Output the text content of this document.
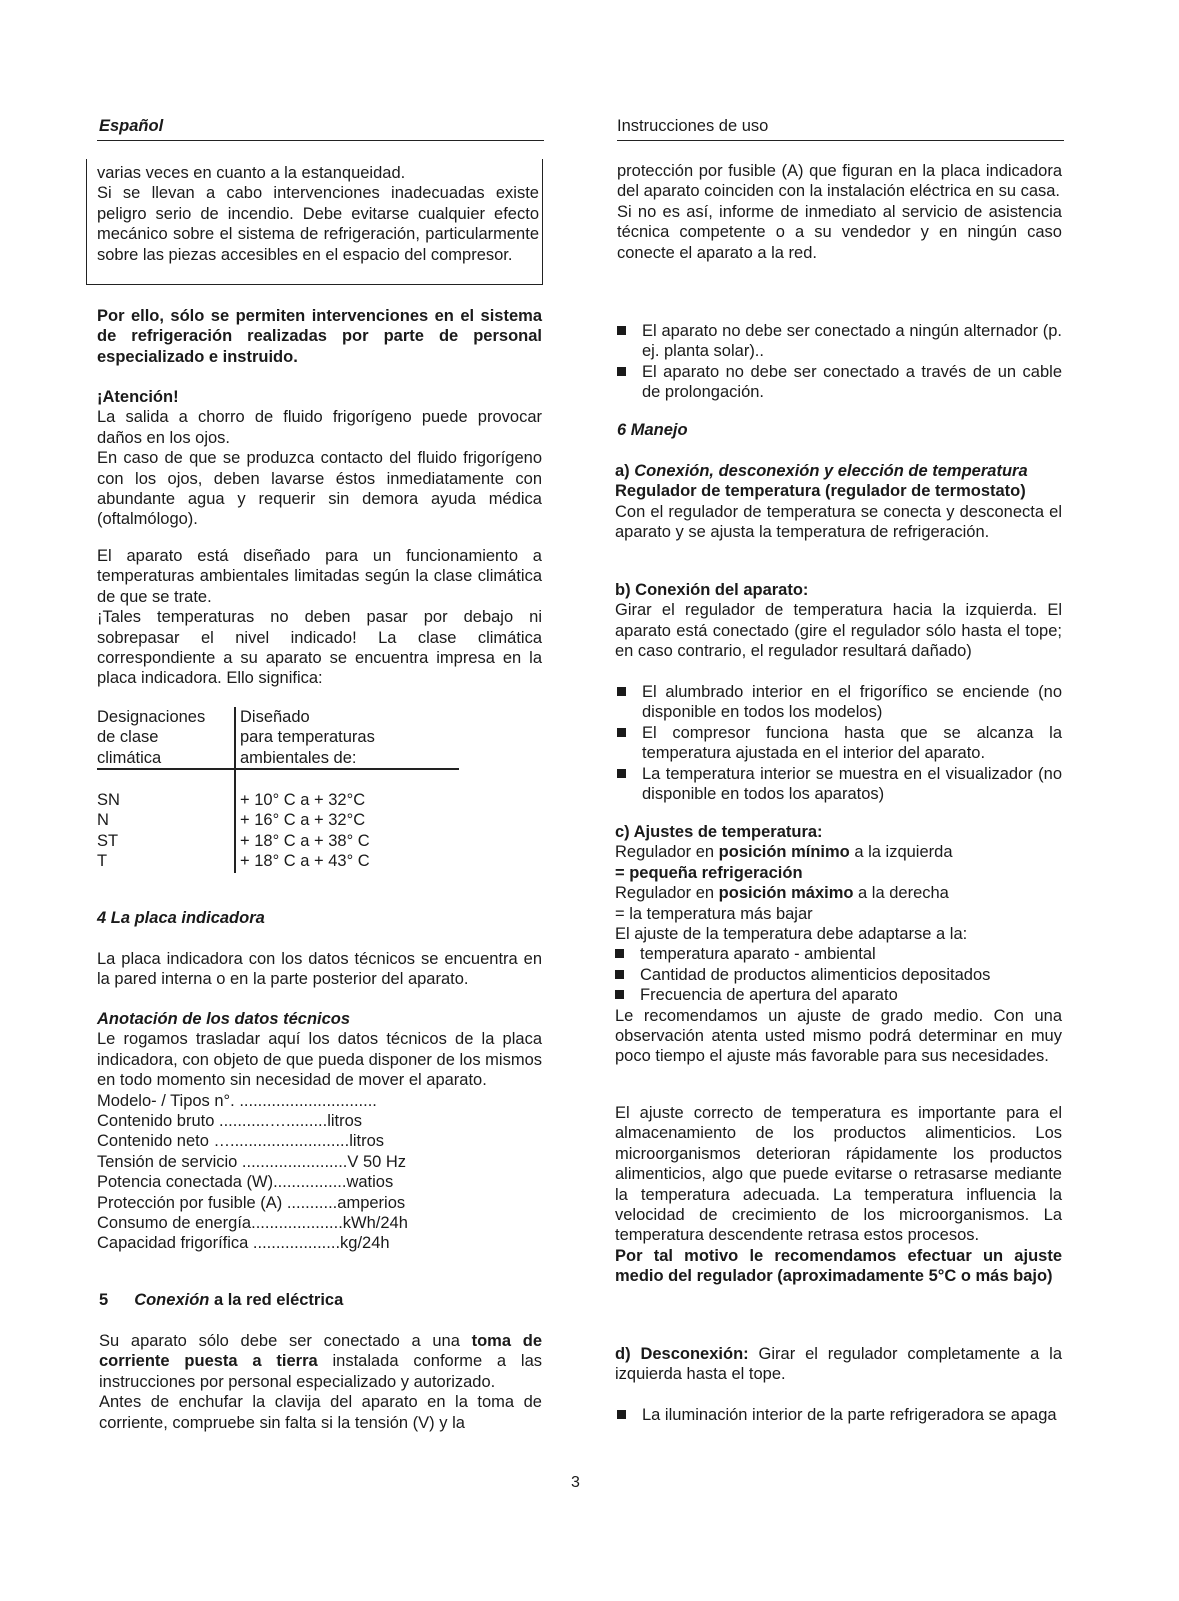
Español	Instrucciones de uso

varias veces en cuanto a la estanqueidad.

Si se llevan a cabo intervenciones inadecuadas existe peligro serio de incendio. Debe evitarse cualquier efecto mecánico sobre el sistema de refrigeración, particularmente sobre las piezas accesibles en el espacio del compresor.

Por ello, sólo se permiten intervenciones en el sistema de refrigeración realizadas por parte de personal especializado e instruido.

¡Atención!

La salida a chorro de fluido frigorígeno puede provocar daños en los ojos.

En caso de que se produzca contacto del fluido frigorígeno con los ojos, deben lavarse éstos inmediatamente con abundante agua y requerir sin demora ayuda médica (oftalmólogo).

El aparato está diseñado para un funcionamiento a temperaturas ambientales limitadas según la clase climática de que se trate.

¡Tales temperaturas no deben pasar por debajo ni sobrepasar el nivel indicado! La clase climática correspondiente a su aparato se encuentra impresa en la placa indicadora. Ello significa:

Designaciones
de clase
climática
Diseñado
para temperaturas
ambientales de:
SN
N
ST
T
+ 10° C a + 32°C
+ 16° C a + 32°C
+ 18° C a + 38° C
+ 18° C a + 43° C

4 La placa indicadora

La placa indicadora con los datos técnicos se encuentra en la pared interna o en la parte posterior del aparato.

Anotación de los datos técnicos

Le rogamos trasladar aquí los datos técnicos de la placa indicadora, con objeto de que pueda disponer de los mismos en todo momento sin necesidad de mover el aparato.

Modelo- / Tipos n°. ..............................
Contenido bruto ...........….........litros
Contenido neto …..........................litros
Tensión de servicio .......................V 50 Hz
Potencia conectada (W)................watios
Protección por fusible (A) ...........amperios
Consumo de energía....................kWh/24h
Capacidad frigorífica ...................kg/24h

5 Conexión a la red eléctrica

Su aparato sólo debe ser conectado a una toma de corriente puesta a tierra instalada conforme a las instrucciones por personal especializado y autorizado.

Antes de enchufar la clavija del aparato en la toma de corriente, compruebe sin falta si la tensión (V) y la

protección por fusible (A) que figuran en la placa indicadora del aparato coinciden con la instalación eléctrica en su casa.

Si no es así, informe de inmediato al servicio de asistencia técnica competente o a su vendedor y en ningún caso conecte el aparato a la red.

El aparato no debe ser conectado a ningún alternador (p. ej. planta solar)..
El aparato no debe ser conectado a través de un cable de prolongación.

6 Manejo

a) Conexión, desconexión y elección de temperatura

Regulador de temperatura (regulador de termostato)

Con el regulador de temperatura se conecta y desconecta el aparato y se ajusta la temperatura de refrigeración.

b) Conexión del aparato:

Girar el regulador de temperatura hacia la izquierda. El aparato está conectado (gire el regulador sólo hasta el tope; en caso contrario, el regulador resultará dañado)

El alumbrado interior en el frigorífico se enciende (no disponible en todos los modelos)
El compresor funciona hasta que se alcanza la temperatura ajustada en el interior del aparato.
La temperatura interior se muestra en el visualizador (no disponible en todos los aparatos)

c) Ajustes de temperatura:

Regulador en posición mínimo a la izquierda

= pequeña refrigeración

Regulador en posición máximo a la derecha

= la temperatura más bajar

El ajuste de la temperatura debe adaptarse a la:

temperatura aparato - ambiental
Cantidad de productos alimenticios depositados
Frecuencia de apertura del aparato

Le recomendamos un ajuste de grado medio. Con una observación atenta usted mismo podrá determinar en muy poco tiempo el ajuste más favorable para sus necesidades.

El ajuste correcto de temperatura es importante para el almacenamiento de los productos alimenticios. Los microorganismos deterioran rápidamente los productos alimenticios, algo que puede evitarse o retrasarse mediante la temperatura adecuada. La temperatura influencia la velocidad de crecimiento de los microorganismos. La temperatura descendente retrasa estos procesos.

Por tal motivo le recomendamos efectuar un ajuste medio del regulador (aproximadamente 5°C o más bajo)

d) Desconexión: Girar el regulador completamente a la izquierda hasta el tope.

La iluminación interior de la parte refrigeradora se apaga
3
